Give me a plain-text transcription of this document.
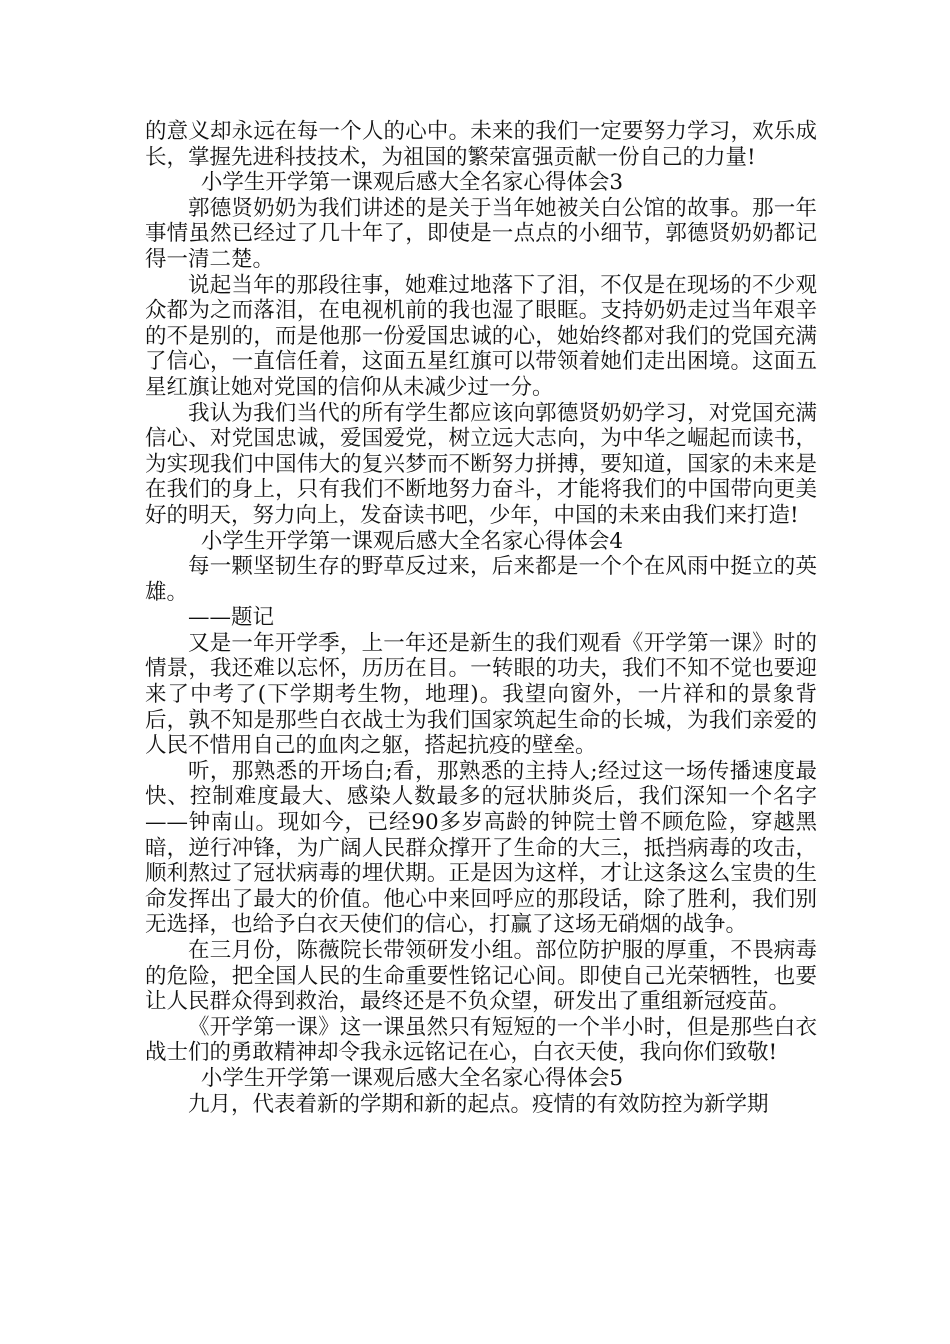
的意义却永远在每一个人的心中。未来的我们一定要努力学习，欢乐成长，掌握先进科技技术，为祖国的繁荣富强贡献一份自己的力量!

小学生开学第一课观后感大全名家心得体会3

郭德贤奶奶为我们讲述的是关于当年她被关白公馆的故事。那一年事情虽然已经过了几十年了，即使是一点点的小细节，郭德贤奶奶都记得一清二楚。

说起当年的那段往事，她难过地落下了泪，不仅是在现场的不少观众都为之而落泪，在电视机前的我也湿了眼眶。支持奶奶走过当年艰辛的不是别的，而是他那一份爱国忠诚的心，她始终都对我们的党国充满了信心，一直信任着，这面五星红旗可以带领着她们走出困境。这面五星红旗让她对党国的信仰从未减少过一分。

我认为我们当代的所有学生都应该向郭德贤奶奶学习，对党国充满信心、对党国忠诚，爱国爱党，树立远大志向，为中华之崛起而读书，为实现我们中国伟大的复兴梦而不断努力拼搏，要知道，国家的未来是在我们的身上，只有我们不断地努力奋斗，才能将我们的中国带向更美好的明天，努力向上，发奋读书吧，少年，中国的未来由我们来打造!

小学生开学第一课观后感大全名家心得体会4

每一颗坚韧生存的野草反过来，后来都是一个个在风雨中挺立的英雄。

——题记

又是一年开学季，上一年还是新生的我们观看《开学第一课》时的情景，我还难以忘怀，历历在目。一转眼的功夫，我们不知不觉也要迎来了中考了(下学期考生物，地理)。我望向窗外，一片祥和的景象背后，孰不知是那些白衣战士为我们国家筑起生命的长城，为我们亲爱的人民不惜用自己的血肉之躯，搭起抗疫的壁垒。

听，那熟悉的开场白;看，那熟悉的主持人;经过这一场传播速度最快、控制难度最大、感染人数最多的冠状肺炎后，我们深知一个名字——钟南山。现如今，已经90多岁高龄的钟院士曾不顾危险，穿越黑暗，逆行冲锋，为广阔人民群众撑开了生命的大三，抵挡病毒的攻击，顺利熬过了冠状病毒的埋伏期。正是因为这样，才让这条这么宝贵的生命发挥出了最大的价值。他心中来回呼应的那段话，除了胜利，我们别无选择，也给予白衣天使们的信心，打赢了这场无硝烟的战争。

在三月份，陈薇院长带领研发小组。部位防护服的厚重，不畏病毒的危险，把全国人民的生命重要性铭记心间。即使自己光荣牺牲，也要让人民群众得到救治，最终还是不负众望，研发出了重组新冠疫苗。

《开学第一课》这一课虽然只有短短的一个半小时，但是那些白衣战士们的勇敢精神却令我永远铭记在心，白衣天使，我向你们致敬!

小学生开学第一课观后感大全名家心得体会5

九月，代表着新的学期和新的起点。疫情的有效防控为新学期
